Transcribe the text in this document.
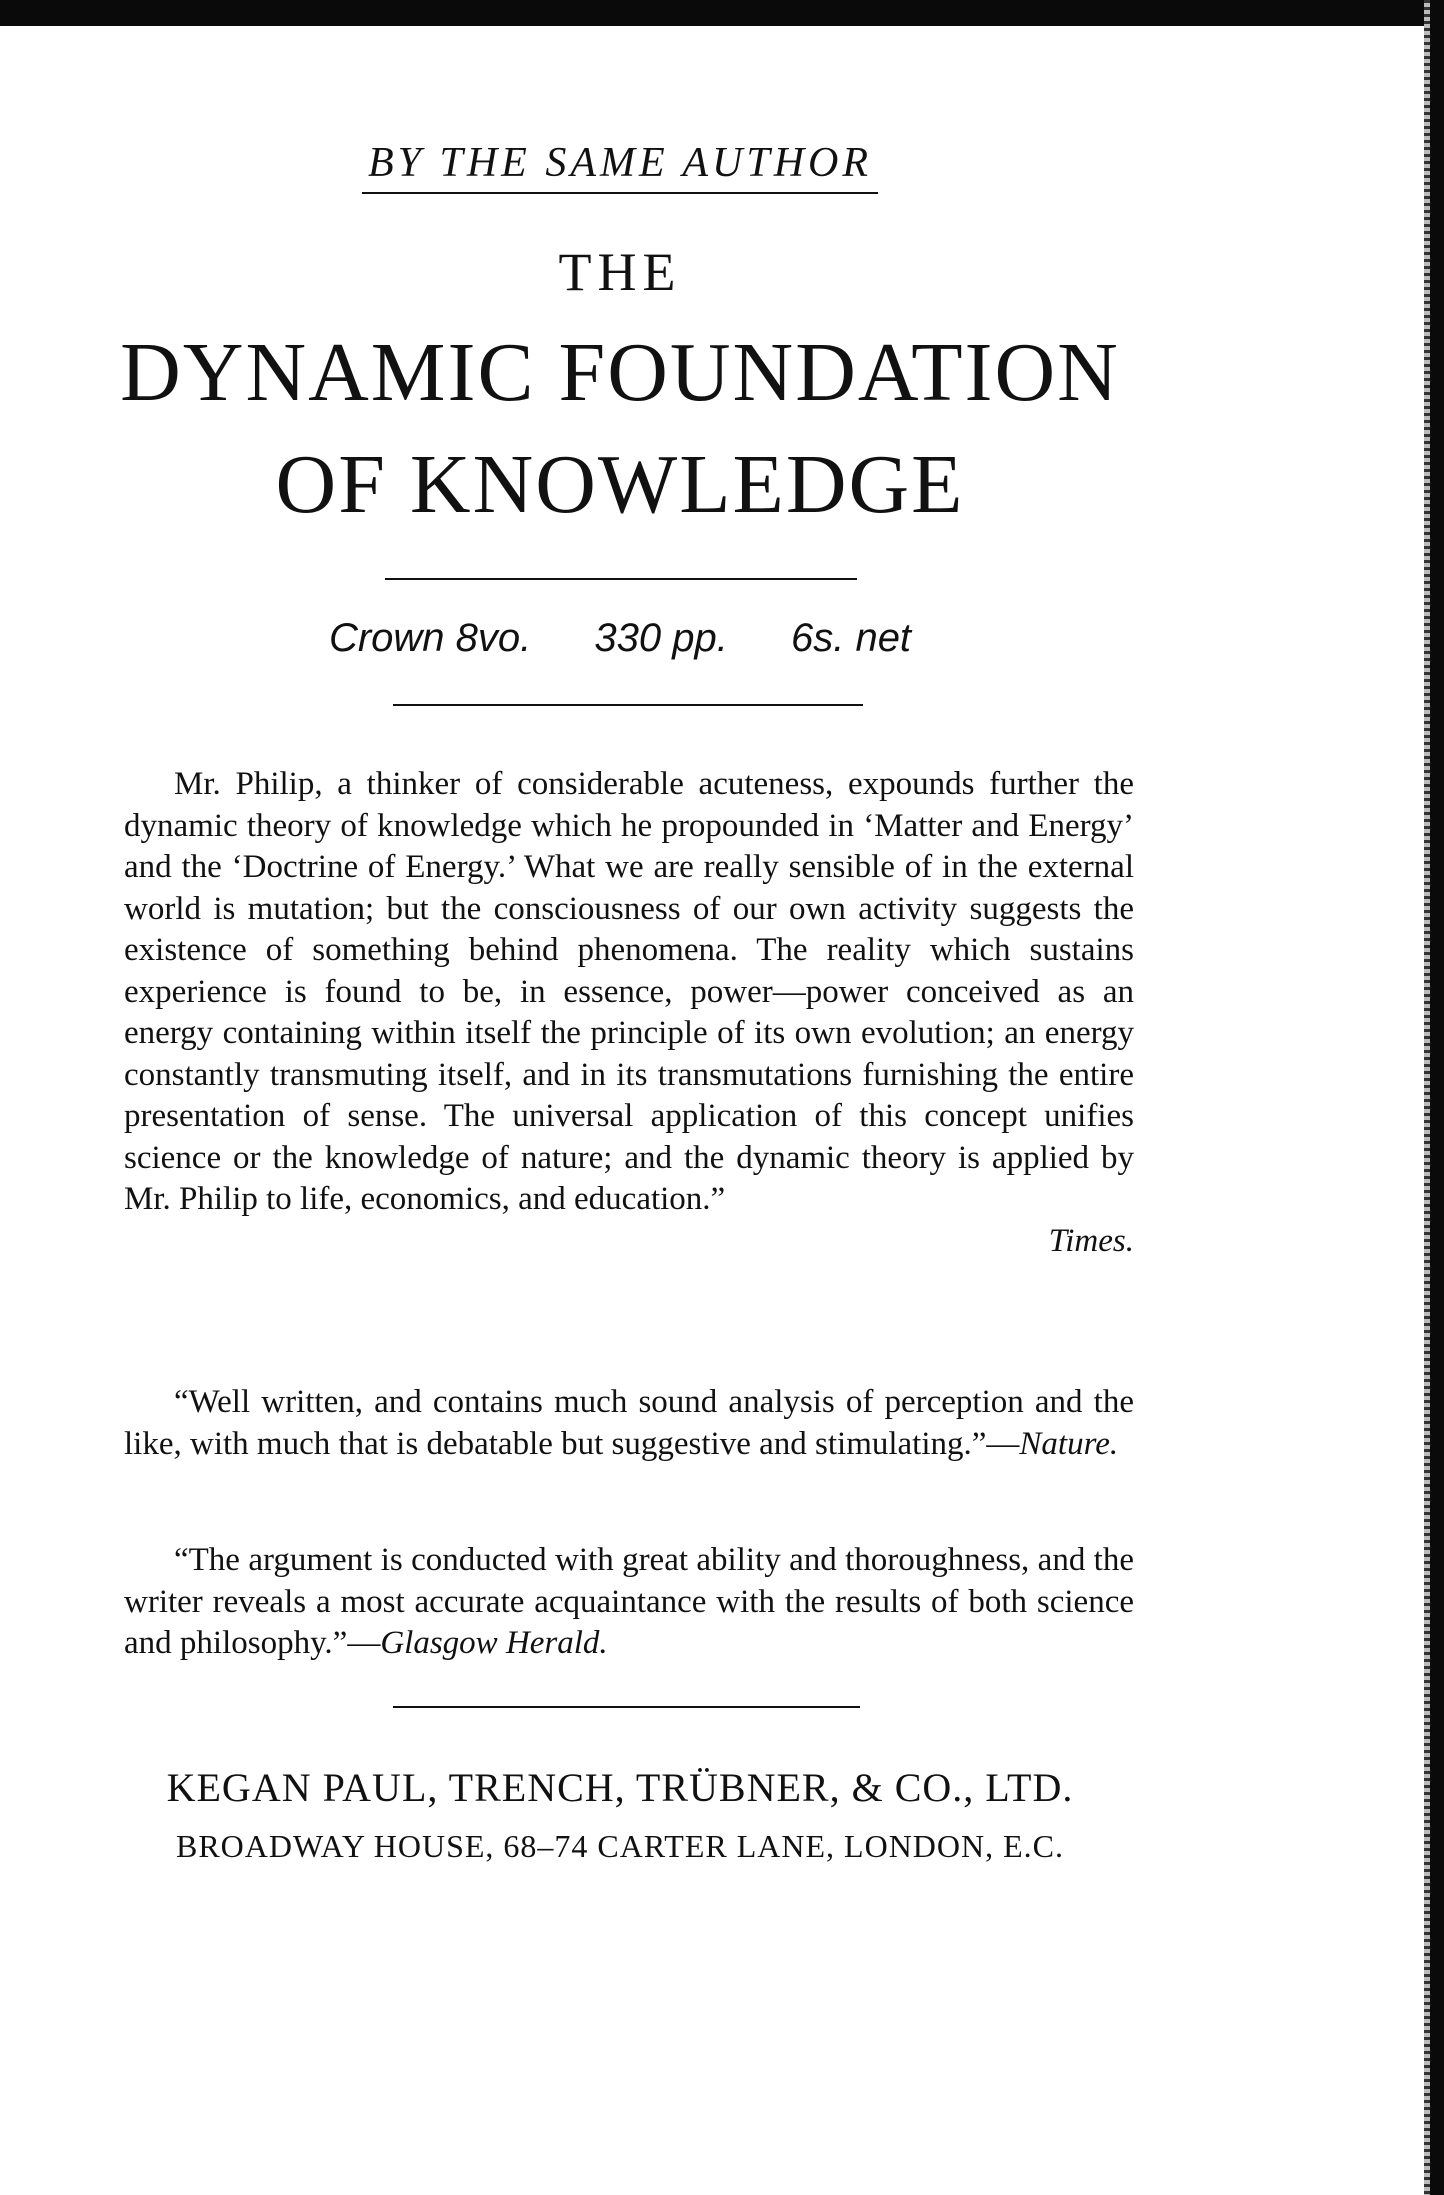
BY THE SAME AUTHOR
THE
DYNAMIC FOUNDATION
OF KNOWLEDGE
Crown 8vo. 330 pp. 6s. net

Mr. Philip, a thinker of considerable acuteness, expounds further the dynamic theory of knowledge which he propounded in ‘Matter and Energy’ and the ‘Doctrine of Energy.’ What we are really sensible of in the external world is mutation; but the consciousness of our own activity suggests the existence of something behind phenomena. The reality which sustains experience is found to be, in essence, power—power conceived as an energy containing within itself the principle of its own evolution; an energy constantly transmuting itself, and in its transmutations furnishing the entire presentation of sense. The universal application of this concept unifies science or the knowledge of nature; and the dynamic theory is applied by Mr. Philip to life, economics, and education.”

Times.

“Well written, and contains much sound analysis of perception and the like, with much that is debatable but suggestive and stimulating.”—Nature.

“The argument is conducted with great ability and thoroughness, and the writer reveals a most accurate acquaintance with the results of both science and philosophy.”—Glasgow Herald.

KEGAN PAUL, TRENCH, TRÜBNER, & CO., LTD.
BROADWAY HOUSE, 68–74 CARTER LANE, LONDON, E.C.
